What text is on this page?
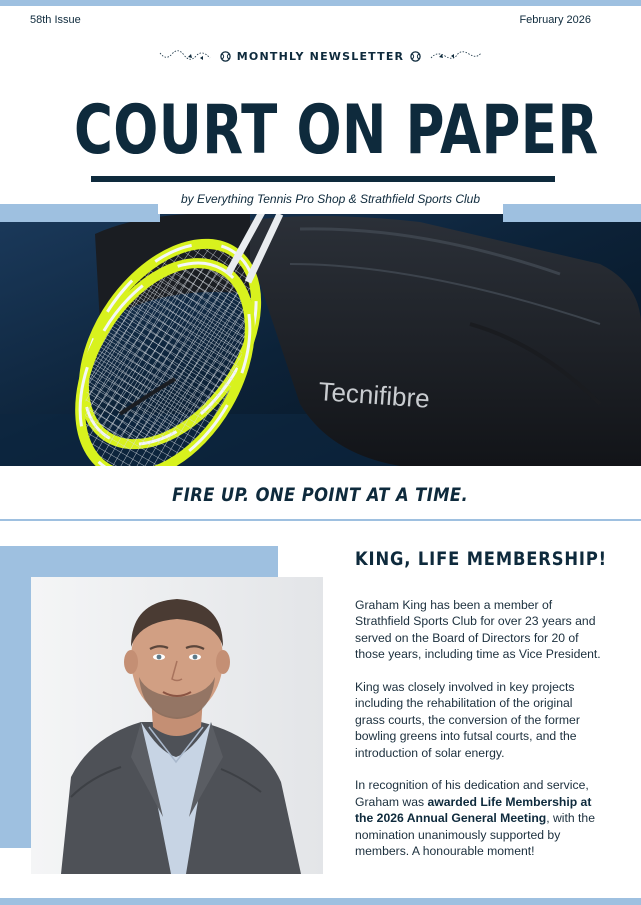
58th Issue	February 2026
MONTHLY NEWSLETTER
COURT ON PAPER
Tecnifibre
by Everything Tennis Pro Shop & Strathfield Sports Club
FIRE UP. ONE POINT AT A TIME.
KING, LIFE MEMBERSHIP!

Graham King has been a member of Strathfield Sports Club for over 23 years and served on the Board of Directors for 20 of those years, including time as Vice President.

King was closely involved in key projects including the rehabilitation of the original grass courts, the conversion of the former bowling greens into futsal courts, and the introduction of solar energy.

In recognition of his dedication and service, Graham was awarded Life Membership at the 2026 Annual General Meeting, with the nomination unanimously supported by members. A honourable moment!
